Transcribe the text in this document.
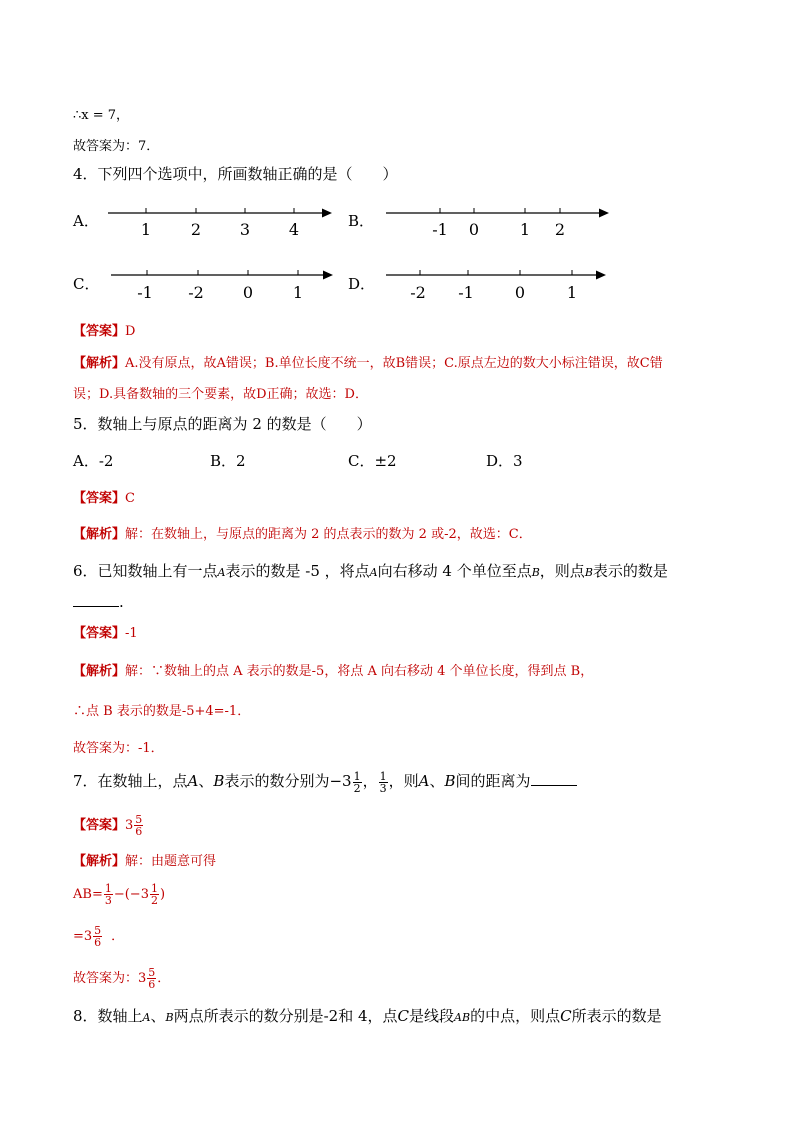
∴x = 7，
故答案为：7．
4．下列四个选项中，所画数轴正确的是（　　）
A．	1 2 3 4	B．	-1 0	1 2
C． -1 -2 0 1	D． -2 -1	0	1
【答案】D
【解析】A.没有原点，故A错误；B.单位长度不统一，故B错误；C.原点左边的数大小标注错误，故C错
误；D.具备数轴的三个要素，故D正确；故选：D．
5．数轴上与原点的距离为 2 的数是（　　）
A．-2	B．2	C．±2	D．3
【答案】C
【解析】解：在数轴上，与原点的距离为 2 的点表示的数为 2 或-2，故选：C．
6．已知数轴上有一点A表示的数是 -5 ，将点A向右移动 4 个单位至点B，则点B表示的数是
.
【答案】-1
【解析】解：∵数轴上的点 A 表示的数是-5，将点 A 向右移动 4 个单位长度，得到点 B，
∴点 B 表示的数是-5+4=-1．
故答案为：-1．
7．在数轴上，点A、B表示的数分别为$-3 \frac{1}{2}$ ， $\frac{1}{3}$ ，则A、B间的距离为
【答案】$3 \frac{5}{6}$
【解析】解：由题意可得
$AB= \frac{1}{3} -(-3 \frac{1}{2}$ )
$=3 \frac{5}{6}$ ．
故答案为：$3 \frac{5}{6}$ ．
8．数轴上A、B两点所表示的数分别是-2和 4，点C是线段AB的中点，则点C所表示的数是
